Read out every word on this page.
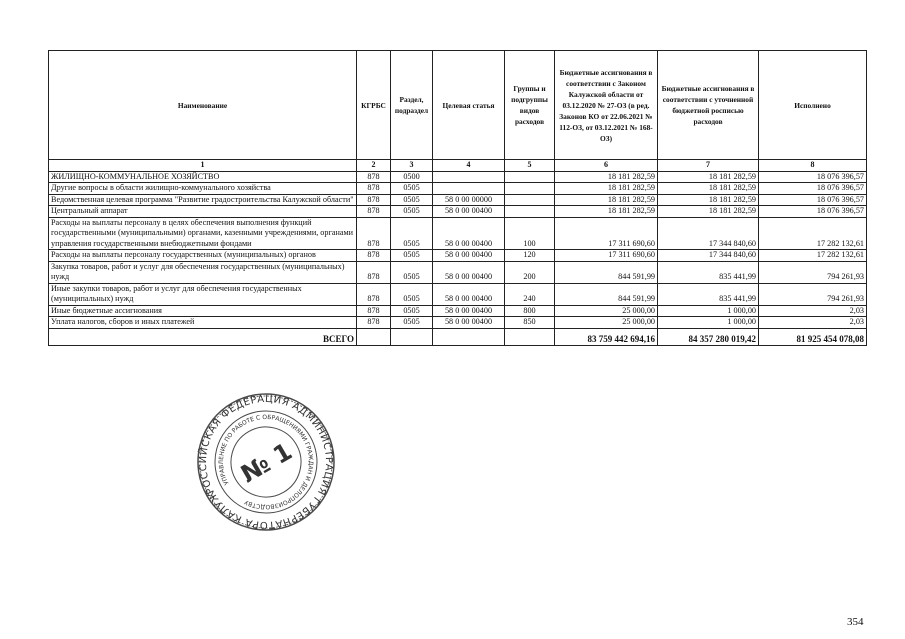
Наименование	КГРБС	Раздел, подраздел	Целевая статья	Группы и подгруппы видов расходов	Бюджетные ассигнования в соответствии с Законом Калужской области от 03.12.2020 № 27-ОЗ (в ред. Законов КО от 22.06.2021 № 112-ОЗ, от 03.12.2021 № 168-ОЗ)	Бюджетные ассигнования в соответствии с уточненной бюджетной росписью расходов	Исполнено
1	2	3	4	5	6	7	8
ЖИЛИЩНО-КОММУНАЛЬНОЕ ХОЗЯЙСТВО	878	0500			18 181 282,59	18 181 282,59	18 076 396,57
Другие вопросы в области жилищно-коммунального хозяйства	878	0505			18 181 282,59	18 181 282,59	18 076 396,57
Ведомственная целевая программа "Развитие градостроительства Калужской области"	878	0505	58 0 00 00000		18 181 282,59	18 181 282,59	18 076 396,57
Центральный аппарат	878	0505	58 0 00 00400		18 181 282,59	18 181 282,59	18 076 396,57
Расходы на выплаты персоналу в целях обеспечения выполнения функций государственными (муниципальными) органами, казенными учреждениями, органами управления государственными внебюджетными фондами	878	0505	58 0 00 00400	100	17 311 690,60	17 344 840,60	17 282 132,61
Расходы на выплаты персоналу государственных (муниципальных) органов	878	0505	58 0 00 00400	120	17 311 690,60	17 344 840,60	17 282 132,61
Закупка товаров, работ и услуг для обеспечения государственных (муниципальных) нужд	878	0505	58 0 00 00400	200	844 591,99	835 441,99	794 261,93
Иные закупки товаров, работ и услуг для обеспечения государственных (муниципальных) нужд	878	0505	58 0 00 00400	240	844 591,99	835 441,99	794 261,93
Иные бюджетные ассигнования	878	0505	58 0 00 00400	800	25 000,00	1 000,00	2,03
Уплата налогов, сборов и иных платежей	878	0505	58 0 00 00400	850	25 000,00	1 000,00	2,03
ВСЕГО					83 759 442 694,16	84 357 280 019,42	81 925 454 078,08
РОССИЙСКАЯ ФЕДЕРАЦИЯ АДМИНИСТРАЦИЯ ГУБЕРНАТОРА КАЛУЖСКОЙ
УПРАВЛЕНИЕ ПО РАБОТЕ С ОБРАЩЕНИЯМИ ГРАЖДАН И ДЕЛОПРОИЗВОДСТВУ
№ 1
354
